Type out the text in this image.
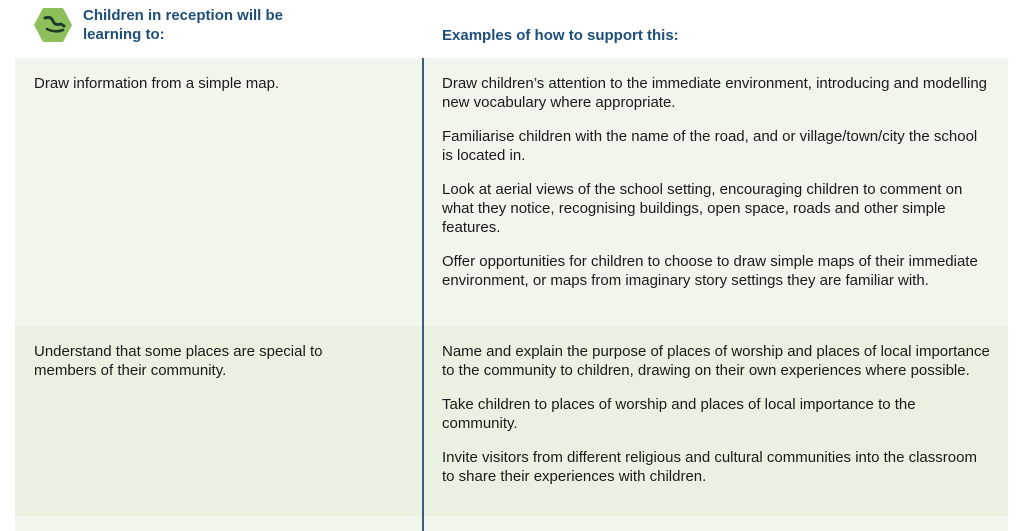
Children in reception will be learning to:	Examples of how to support this:
Draw information from a simple map.	Draw children’s attention to the immediate environment, introducing and modelling new vocabulary where appropriate.

Familiarise children with the name of the road, and or village/town/city the school is located in.

Look at aerial views of the school setting, encouraging children to comment on what they notice, recognising buildings, open space, roads and other simple features.

Offer opportunities for children to choose to draw simple maps of their immediate environment, or maps from imaginary story settings they are familiar with.

Understand that some places are special to members of their community.

Name and explain the purpose of places of worship and places of local importance to the community to children, drawing on their own experiences where possible.

Take children to places of worship and places of local importance to the community.

Invite visitors from different religious and cultural communities into the classroom to share their experiences with children.
